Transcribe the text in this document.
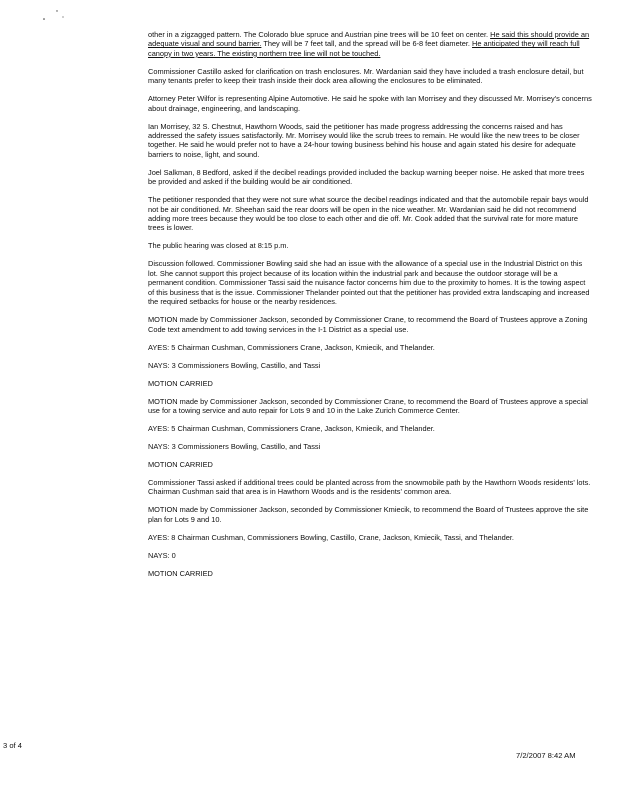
other in a zigzagged pattern. The Colorado blue spruce and Austrian pine trees will be 10 feet on center. He said this should provide an adequate visual and sound barrier. They will be 7 feet tall, and the spread will be 6-8 feet diameter. He anticipated they will reach full canopy in two years. The existing northern tree line will not be touched.

Commissioner Castillo asked for clarification on trash enclosures. Mr. Wardanian said they have included a trash enclosure detail, but many tenants prefer to keep their trash inside their dock area allowing the enclosures to be eliminated.

Attorney Peter Wilfor is representing Alpine Automotive. He said he spoke with Ian Morrisey and they discussed Mr. Morrisey's concerns about drainage, engineering, and landscaping.

Ian Morrisey, 32 S. Chestnut, Hawthorn Woods, said the petitioner has made progress addressing the concerns raised and has addressed the safety issues satisfactorily. Mr. Morrisey would like the scrub trees to remain. He would like the new trees to be closer together. He said he would prefer not to have a 24-hour towing business behind his house and again stated his desire for adequate barriers to noise, light, and sound.

Joel Salkman, 8 Bedford, asked if the decibel readings provided included the backup warning beeper noise. He asked that more trees be provided and asked if the building would be air conditioned.

The petitioner responded that they were not sure what source the decibel readings indicated and that the automobile repair bays would not be air conditioned. Mr. Sheehan said the rear doors will be open in the nice weather. Mr. Wardanian said he did not recommend adding more trees because they would be too close to each other and die off. Mr. Cook added that the survival rate for more mature trees is lower.

The public hearing was closed at 8:15 p.m.

Discussion followed. Commissioner Bowling said she had an issue with the allowance of a special use in the Industrial District on this lot. She cannot support this project because of its location within the industrial park and because the outdoor storage will be a permanent condition. Commissioner Tassi said the nuisance factor concerns him due to the proximity to homes. It is the towing aspect of this business that is the issue. Commissioner Thelander pointed out that the petitioner has provided extra landscaping and increased the required setbacks for house or the nearby residences.

MOTION made by Commissioner Jackson, seconded by Commissioner Crane, to recommend the Board of Trustees approve a Zoning Code text amendment to add towing services in the I-1 District as a special use.

AYES: 5 Chairman Cushman, Commissioners Crane, Jackson, Kmiecik, and Thelander.

NAYS: 3 Commissioners Bowling, Castillo, and Tassi

MOTION CARRIED

MOTION made by Commissioner Jackson, seconded by Commissioner Crane, to recommend the Board of Trustees approve a special use for a towing service and auto repair for Lots 9 and 10 in the Lake Zurich Commerce Center.

AYES: 5 Chairman Cushman, Commissioners Crane, Jackson, Kmiecik, and Thelander.

NAYS: 3 Commissioners Bowling, Castillo, and Tassi

MOTION CARRIED

Commissioner Tassi asked if additional trees could be planted across from the snowmobile path by the Hawthorn Woods residents' lots. Chairman Cushman said that area is in Hawthorn Woods and is the residents' common area.

MOTION made by Commissioner Jackson, seconded by Commissioner Kmiecik, to recommend the Board of Trustees approve the site plan for Lots 9 and 10.

AYES: 8 Chairman Cushman, Commissioners Bowling, Castillo, Crane, Jackson, Kmiecik, Tassi, and Thelander.

NAYS: 0

MOTION CARRIED

3 of 4
7/2/2007 8:42 AM
